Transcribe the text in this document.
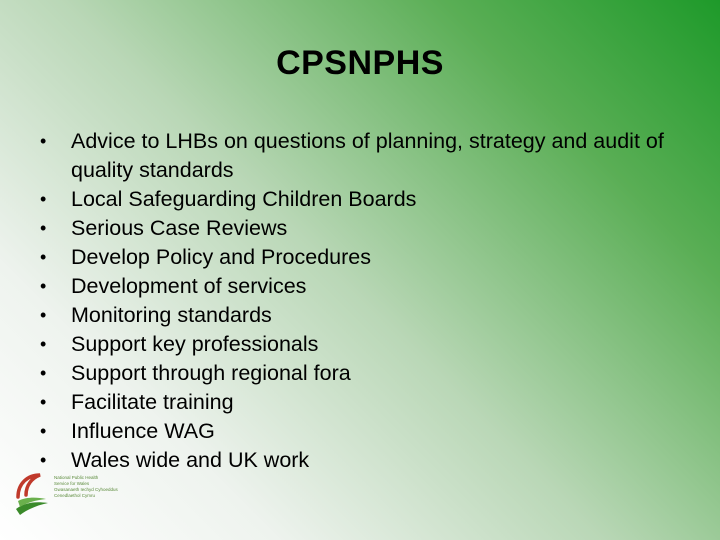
CPSNPHS
• Advice to LHBs on questions of planning, strategy and audit of quality standards
• Local Safeguarding Children Boards
• Serious Case Reviews
• Develop Policy and Procedures
• Development of services
• Monitoring standards
• Support key professionals
• Support through regional fora
• Facilitate training
• Influence WAG
• Wales wide and UK work
National Public Health
Service for Wales
Gwasanaeth Iechyd Cyhoeddus
Cenedlaethol Cymru
